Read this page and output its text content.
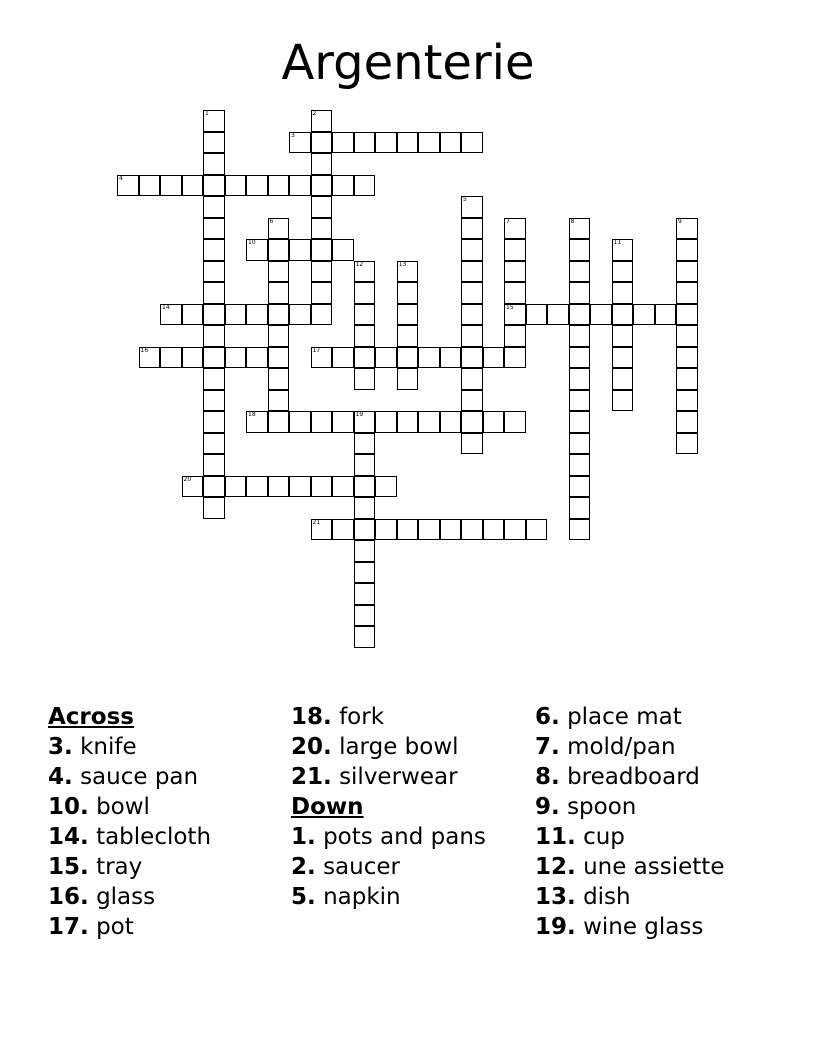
Argenterie
1	2
3
4
5
6	7
15
8	9
10	11
12	13
14
16	17
18	19
20
21
Across
3. knife
4. sauce pan
10. bowl
14. tablecloth
15. tray
16. glass
17. pot
18. fork
20. large bowl
21. silverwear
Down
1. pots and pans
2. saucer
5. napkin
6. place mat
7. mold/pan
8. breadboard
9. spoon
11. cup
12. une assiette
13. dish
19. wine glass
